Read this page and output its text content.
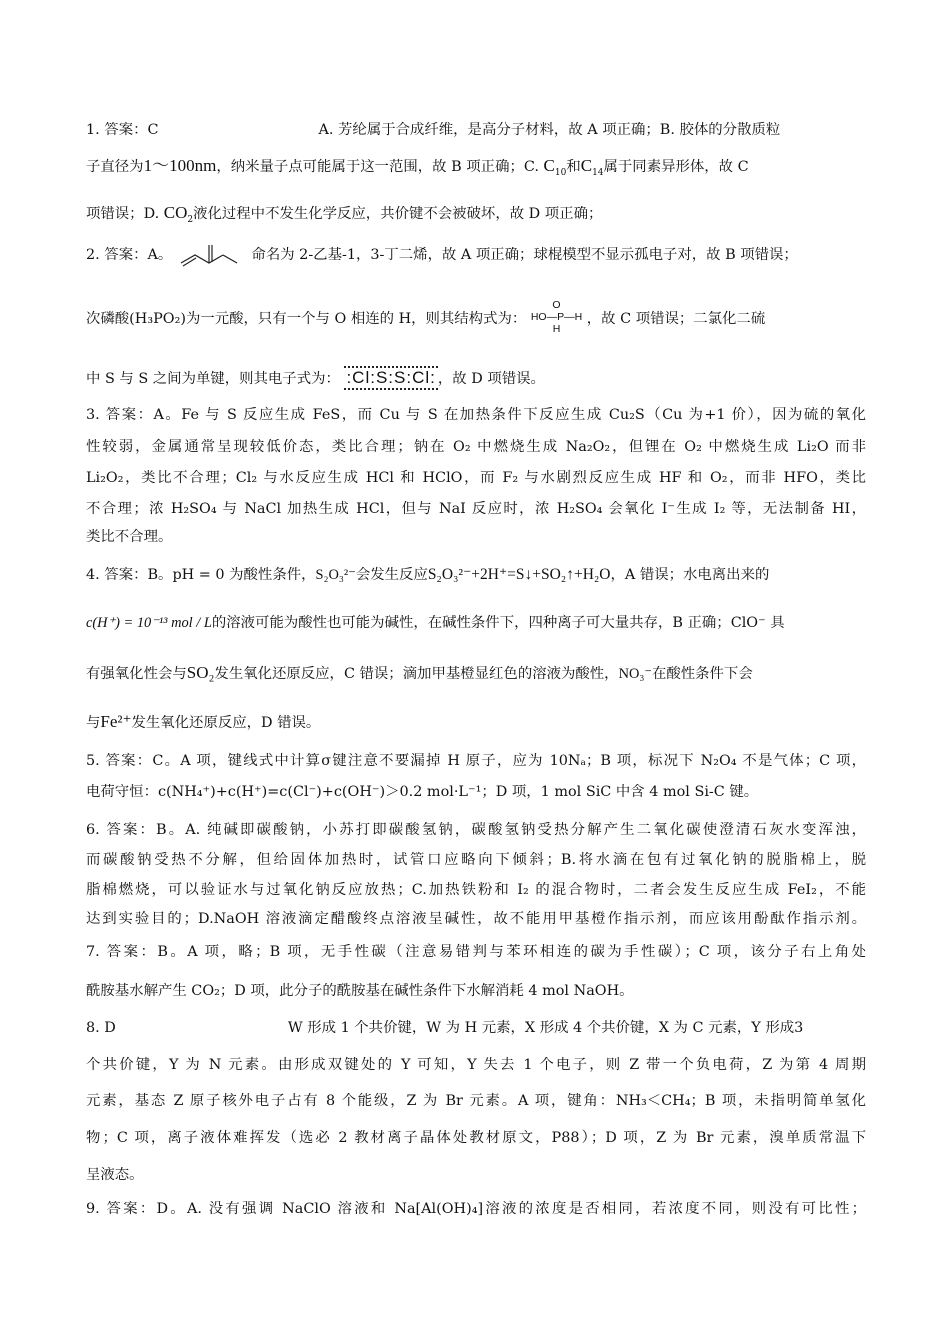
1. 答案：C	A. 芳纶属于合成纤维，是高分子材料，故 A 项正确；B. 胶体的分散质粒
子直径为1～100nm，纳米量子点可能属于这一范围，故 B 项正确；C. $C_{10}$和$C_{14}$属于同素异形体，故 C
项错误；D. $CO_2$液化过程中不发生化学反应，共价键不会被破坏，故 D 项正确；
2. 答案：A。	命名为 2-乙基-1，3-丁二烯，故 A 项正确；球棍模型不显示孤电子对，故 B 项错误；
次磷酸(H₃PO₂)为一元酸，只有一个与 O 相连的 H，则其结构式为：
O
HO—P—H
H
，故 C 项错误；二氯化二硫
中 S 与 S 之间为单键，则其电子式为： :Cl:S:S:Cl: ，故 D 项错误。
3. 答案：A。Fe 与 S 反应生成 FeS，而 Cu 与 S 在加热条件下反应生成 Cu₂S（Cu 为+1 价），因为硫的氧化
性较弱，金属通常呈现较低价态，类比合理；钠在 O₂ 中燃烧生成 Na₂O₂，但锂在 O₂ 中燃烧生成 Li₂O 而非
Li₂O₂，类比不合理；Cl₂ 与水反应生成 HCl 和 HClO，而 F₂ 与水剧烈反应生成 HF 和 O₂，而非 HFO，类比
不合理；浓 H₂SO₄ 与 NaCl 加热生成 HCl，但与 NaI 反应时，浓 H₂SO₄ 会氧化 I⁻生成 I₂ 等，无法制备 HI，
类比不合理。
4. 答案：B。pH = 0 为酸性条件，S₂O₃²⁻会发生反应S₂O₃²⁻+2H⁺=S↓+SO₂↑+H₂O，A 错误；水电离出来的
c(H⁺) = 10⁻¹³ mol / L的溶液可能为酸性也可能为碱性，在碱性条件下，四种离子可大量共存，B 正确；ClO⁻ 具
有强氧化性会与SO₂发生氧化还原反应，C 错误；滴加甲基橙显红色的溶液为酸性，NO₃⁻在酸性条件下会
与Fe²⁺发生氧化还原反应，D 错误。
5. 答案：C。A 项，键线式中计算σ键注意不要漏掉 H 原子，应为 10Nₐ；B 项，标况下 N₂O₄ 不是气体；C 项，
电荷守恒：c(NH₄⁺)+c(H⁺)=c(Cl⁻)+c(OH⁻)＞0.2 mol·L⁻¹；D 项，1 mol SiC 中含 4 mol Si-C 键。
6. 答案：B。A. 纯碱即碳酸钠，小苏打即碳酸氢钠，碳酸氢钠受热分解产生二氧化碳使澄清石灰水变浑浊，
而碳酸钠受热不分解，但给固体加热时，试管口应略向下倾斜；B.将水滴在包有过氧化钠的脱脂棉上，脱
脂棉燃烧，可以验证水与过氧化钠反应放热；C.加热铁粉和 I₂ 的混合物时，二者会发生反应生成 FeI₂，不能
达到实验目的；D.NaOH 溶液滴定醋酸终点溶液呈碱性，故不能用甲基橙作指示剂，而应该用酚酞作指示剂。
7. 答案：B。A 项，略；B 项，无手性碳（注意易错判与苯环相连的碳为手性碳）；C 项，该分子右上角处
酰胺基水解产生 CO₂；D 项，此分子的酰胺基在碱性条件下水解消耗 4 mol NaOH。
8. D	W 形成 1 个共价键，W 为 H 元素，X 形成 4 个共价键，X 为 C 元素，Y 形成3
个共价键，Y 为 N 元素。由形成双键处的 Y 可知，Y 失去 1 个电子，则 Z 带一个负电荷，Z 为第 4 周期
元素，基态 Z 原子核外电子占有 8 个能级，Z 为 Br 元素。A 项，键角：NH₃＜CH₄；B 项，未指明简单氢化
物；C 项，离子液体难挥发（选必 2 教材离子晶体处教材原文，P88）；D 项，Z 为 Br 元素，溴单质常温下
呈液态。
9. 答案：D。A. 没有强调 NaClO 溶液和 Na[Al(OH)₄]溶液的浓度是否相同，若浓度不同，则没有可比性；
